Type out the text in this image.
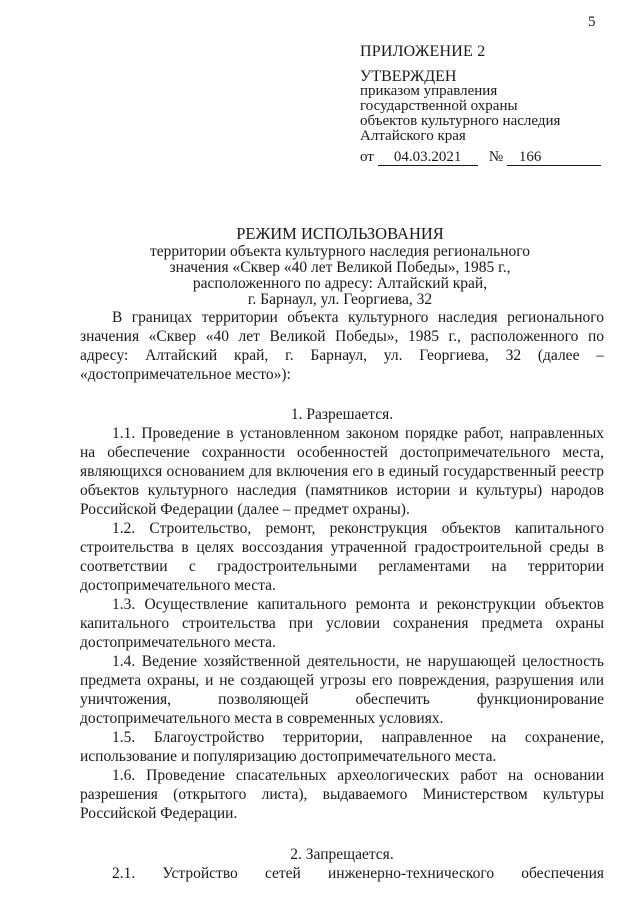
5
ПРИЛОЖЕНИЕ 2
УТВЕРЖДЕН
приказом управления
государственной охраны
объектов культурного наследия
Алтайского края
от 04.03.2021 № 166
РЕЖИМ ИСПОЛЬЗОВАНИЯ
территории объекта культурного наследия регионального
значения «Сквер «40 лет Великой Победы», 1985 г.,
расположенного по адресу: Алтайский край,
г. Барнаул, ул. Георгиева, 32

В границах территории объекта культурного наследия регионального значения «Сквер «40 лет Великой Победы», 1985 г., расположенного по адресу: Алтайский край, г. Барнаул, ул. Георгиева, 32 (далее – «достопримечательное место»):

1. Разрешается.

1.1. Проведение в установленном законом порядке работ, направленных на обеспечение сохранности особенностей достопримечательного места, являющихся основанием для включения его в единый государственный реестр объектов культурного наследия (памятников истории и культуры) народов Российской Федерации (далее – предмет охраны).

1.2. Строительство, ремонт, реконструкция объектов капитального строительства в целях воссоздания утраченной градостроительной среды в соответствии с градостроительными регламентами на территории достопримечательного места.

1.3. Осуществление капитального ремонта и реконструкции объектов капитального строительства при условии сохранения предмета охраны достопримечательного места.

1.4. Ведение хозяйственной деятельности, не нарушающей целостность предмета охраны, и не создающей угрозы его повреждения, разрушения или уничтожения, позволяющей обеспечить функционирование достопримечательного места в современных условиях.

1.5. Благоустройство территории, направленное на сохранение, использование и популяризацию достопримечательного места.

1.6. Проведение спасательных археологических работ на основании разрешения (открытого листа), выдаваемого Министерством культуры Российской Федерации.

2. Запрещается.

2.1. Устройство сетей инженерно-технического обеспечения
